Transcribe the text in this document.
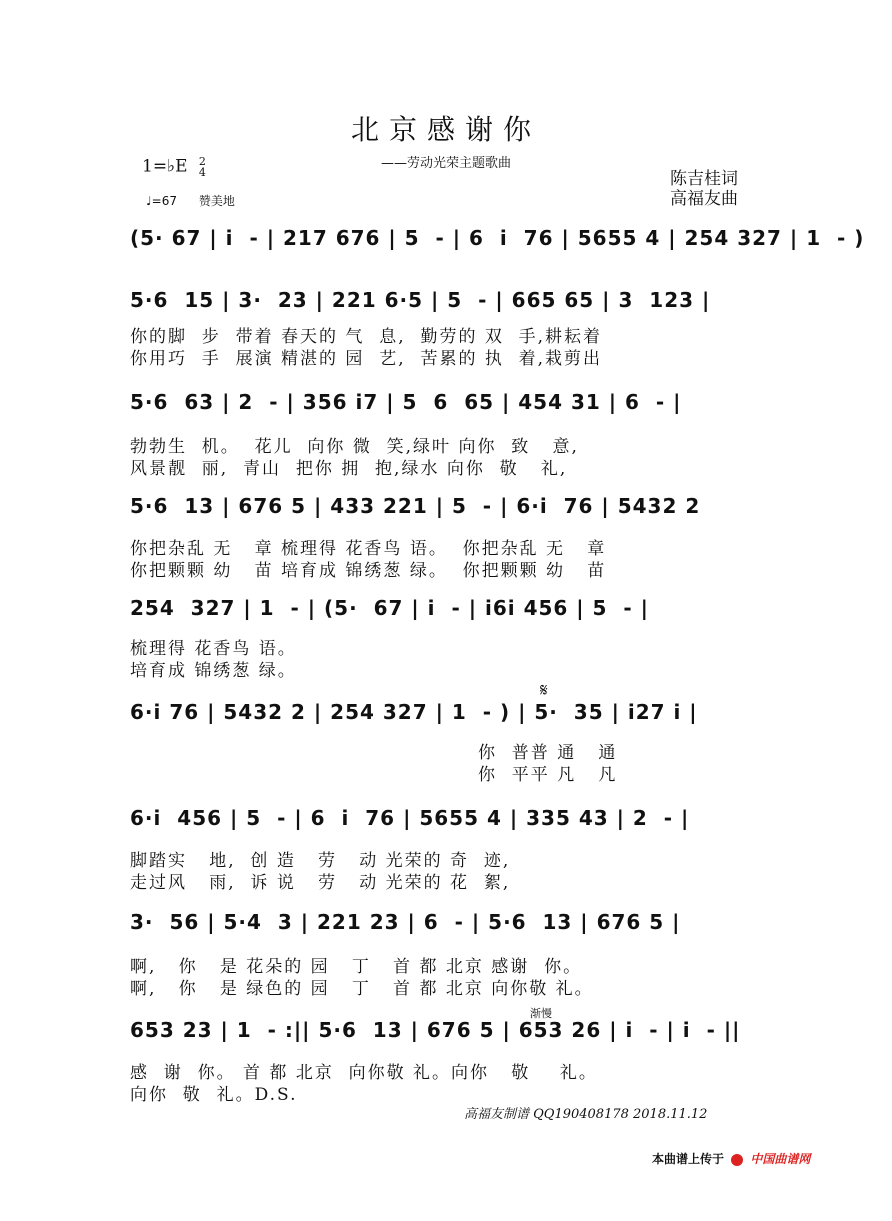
北京感谢你
——劳动光荣主题歌曲
1=♭E 2
4
♩=67 赞美地
陈吉桂词
高福友曲
(5· 67 | i  - | 217 676 | 5  - | 6  i  76 | 5655 4 | 254 327 | 1  - )
5·6  15 | 3·  23 | 221 6·5 | 5  - | 665 65 | 3  123 |
你的脚  步  带着 春天的 气  息,  勤劳的 双  手,耕耘着
你用巧  手  展演 精湛的 园  艺,  苦累的 执  着,栽剪出
5·6  63 | 2  - | 356 i7 | 5  6  65 | 454 31 | 6  - |
勃勃生  机。  花儿  向你 微  笑,绿叶 向你  致   意,
风景靓  丽,  青山  把你 拥  抱,绿水 向你  敬   礼,
5·6  13 | 676 5 | 433 221 | 5  - | 6·i  76 | 5432 2
你把杂乱 无   章 梳理得 花香鸟 语。  你把杂乱 无   章
你把颗颗 幼   苗 培育成 锦绣葱 绿。  你把颗颗 幼   苗
254  327 | 1  - | (5·  67 | i  - | i6i 456 | 5  - |
梳理得 花香鸟 语。
培育成 锦绣葱 绿。
𝄋
6·i 76 | 5432 2 | 254 327 | 1  - ) | 5·  35 | i27 i |
你  普普 通   通
你  平平 凡   凡
6·i  456 | 5  - | 6  i  76 | 5655 4 | 335 43 | 2  - |
脚踏实   地,  创 造   劳   动 光荣的 奇  迹,
走过风   雨,  诉 说   劳   动 光荣的 花  絮,
3·  56 | 5·4  3 | 221 23 | 6  - | 5·6  13 | 676 5 |
啊,   你   是 花朵的 园   丁   首 都 北京 感谢  你。
啊,   你   是 绿色的 园   丁   首 都 北京 向你敬 礼。
渐慢
653 23 | 1  - :|| 5·6  13 | 676 5 | 653 26 | i  - | i  - ||
感  谢  你。 首 都 北京  向你敬 礼。向你   敬    礼。
向你  敬  礼。D.S.
高福友制谱 QQ190408178 2018.11.12
本曲谱上传于 中国曲谱网
